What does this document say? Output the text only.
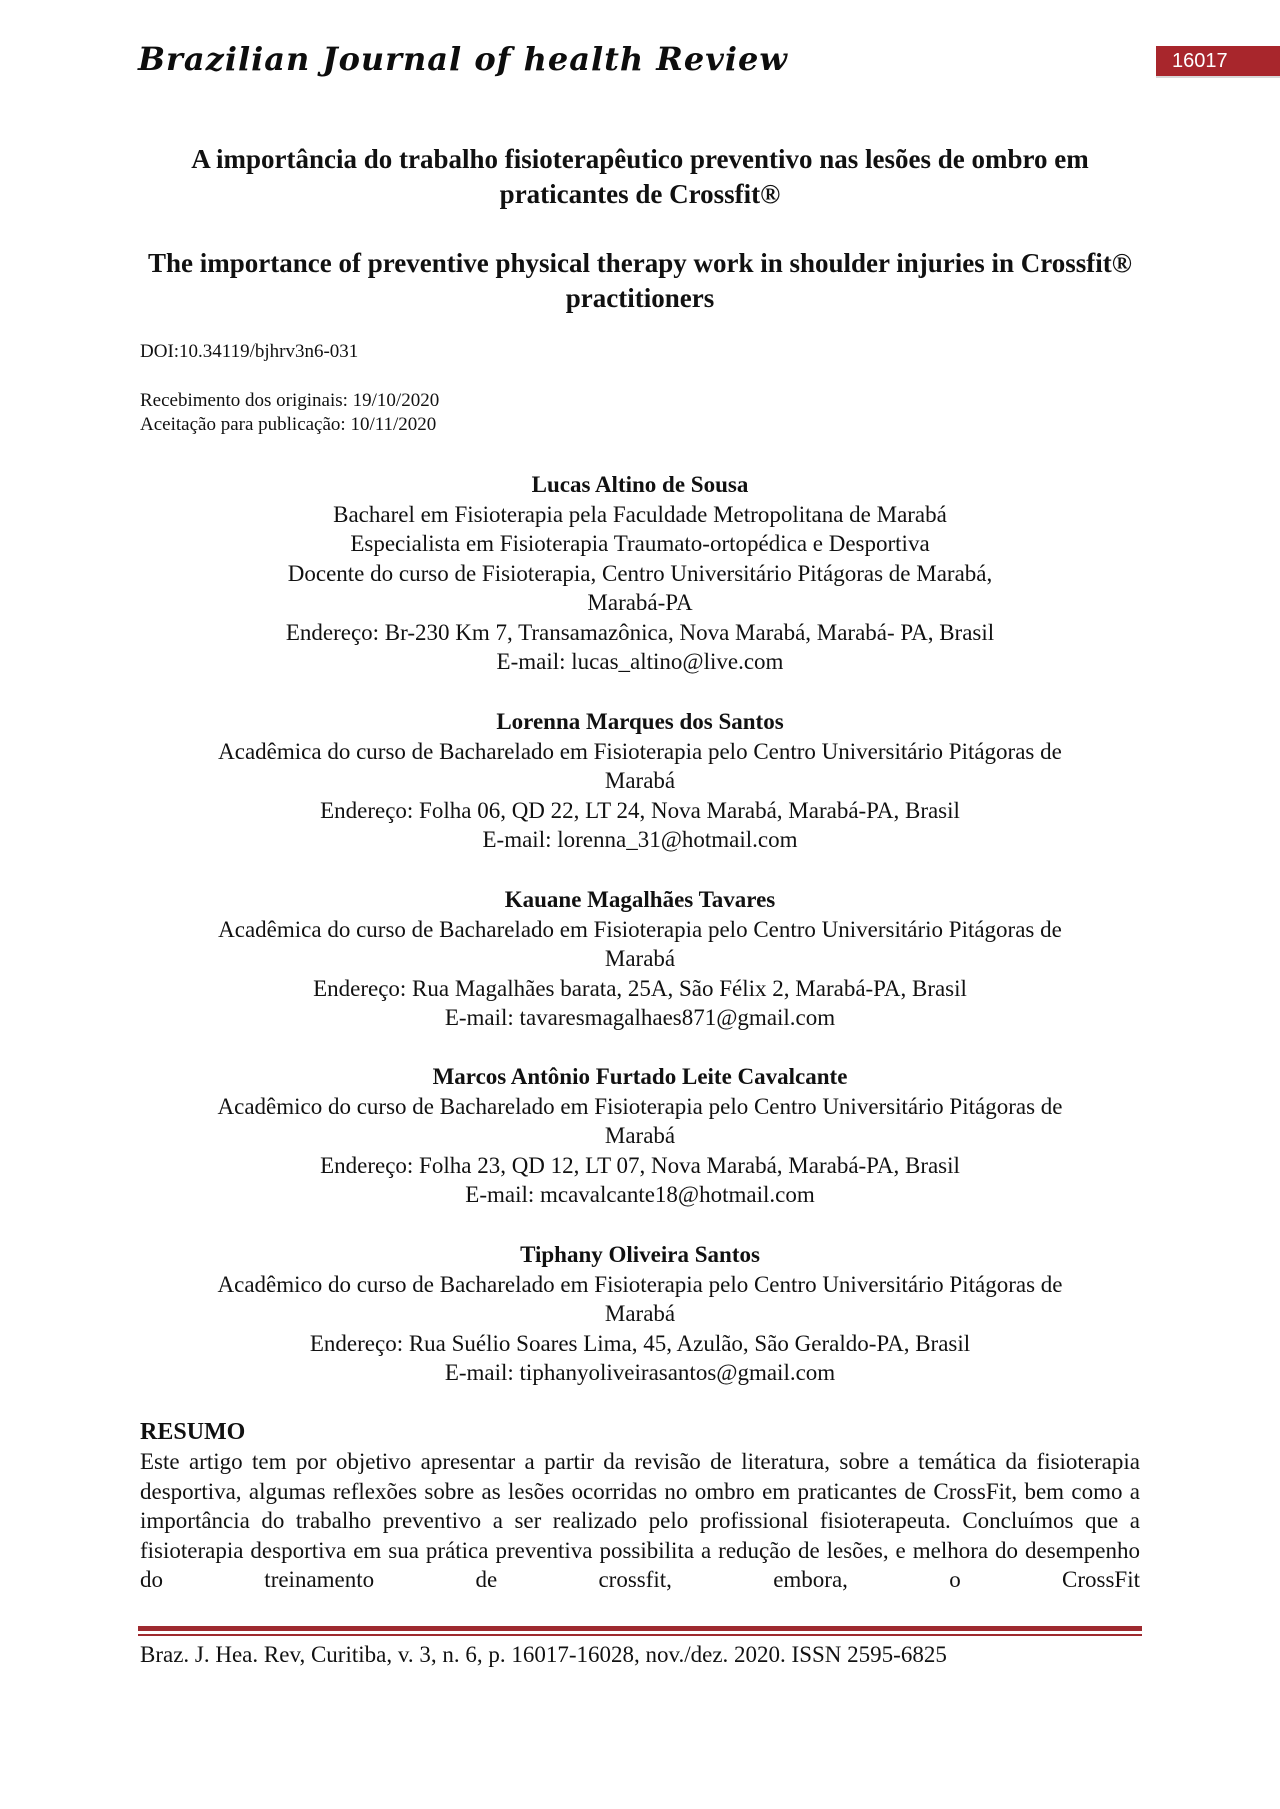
Brazilian Journal of health Review	16017
A importância do trabalho fisioterapêutico preventivo nas lesões de ombro em praticantes de Crossfit®
The importance of preventive physical therapy work in shoulder injuries in Crossfit® practitioners

DOI:10.34119/bjhrv3n6-031

Recebimento dos originais: 19/10/2020

Aceitação para publicação: 10/11/2020

Lucas Altino de Sousa
Bacharel em Fisioterapia pela Faculdade Metropolitana de Marabá
Especialista em Fisioterapia Traumato-ortopédica e Desportiva
Docente do curso de Fisioterapia, Centro Universitário Pitágoras de Marabá,
Marabá-PA
Endereço: Br-230 Km 7, Transamazônica, Nova Marabá, Marabá- PA, Brasil
E-mail: lucas_altino@live.com
Lorenna Marques dos Santos
Acadêmica do curso de Bacharelado em Fisioterapia pelo Centro Universitário Pitágoras de
Marabá
Endereço: Folha 06, QD 22, LT 24, Nova Marabá, Marabá-PA, Brasil
E-mail: lorenna_31@hotmail.com
Kauane Magalhães Tavares
Acadêmica do curso de Bacharelado em Fisioterapia pelo Centro Universitário Pitágoras de
Marabá
Endereço: Rua Magalhães barata, 25A, São Félix 2, Marabá-PA, Brasil
E-mail: tavaresmagalhaes871@gmail.com
Marcos Antônio Furtado Leite Cavalcante
Acadêmico do curso de Bacharelado em Fisioterapia pelo Centro Universitário Pitágoras de
Marabá
Endereço: Folha 23, QD 12, LT 07, Nova Marabá, Marabá-PA, Brasil
E-mail: mcavalcante18@hotmail.com
Tiphany Oliveira Santos
Acadêmico do curso de Bacharelado em Fisioterapia pelo Centro Universitário Pitágoras de
Marabá
Endereço: Rua Suélio Soares Lima, 45, Azulão, São Geraldo-PA, Brasil
E-mail: tiphanyoliveirasantos@gmail.com
RESUMO

Este artigo tem por objetivo apresentar a partir da revisão de literatura, sobre a temática da fisioterapia desportiva, algumas reflexões sobre as lesões ocorridas no ombro em praticantes de CrossFit, bem como a importância do trabalho preventivo a ser realizado pelo profissional fisioterapeuta. Concluímos que a fisioterapia desportiva em sua prática preventiva possibilita a redução de lesões, e melhora do desempenho do treinamento de crossfit, embora, o CrossFit

Braz. J. Hea. Rev, Curitiba, v. 3, n. 6, p. 16017-16028, nov./dez. 2020. ISSN 2595-6825
